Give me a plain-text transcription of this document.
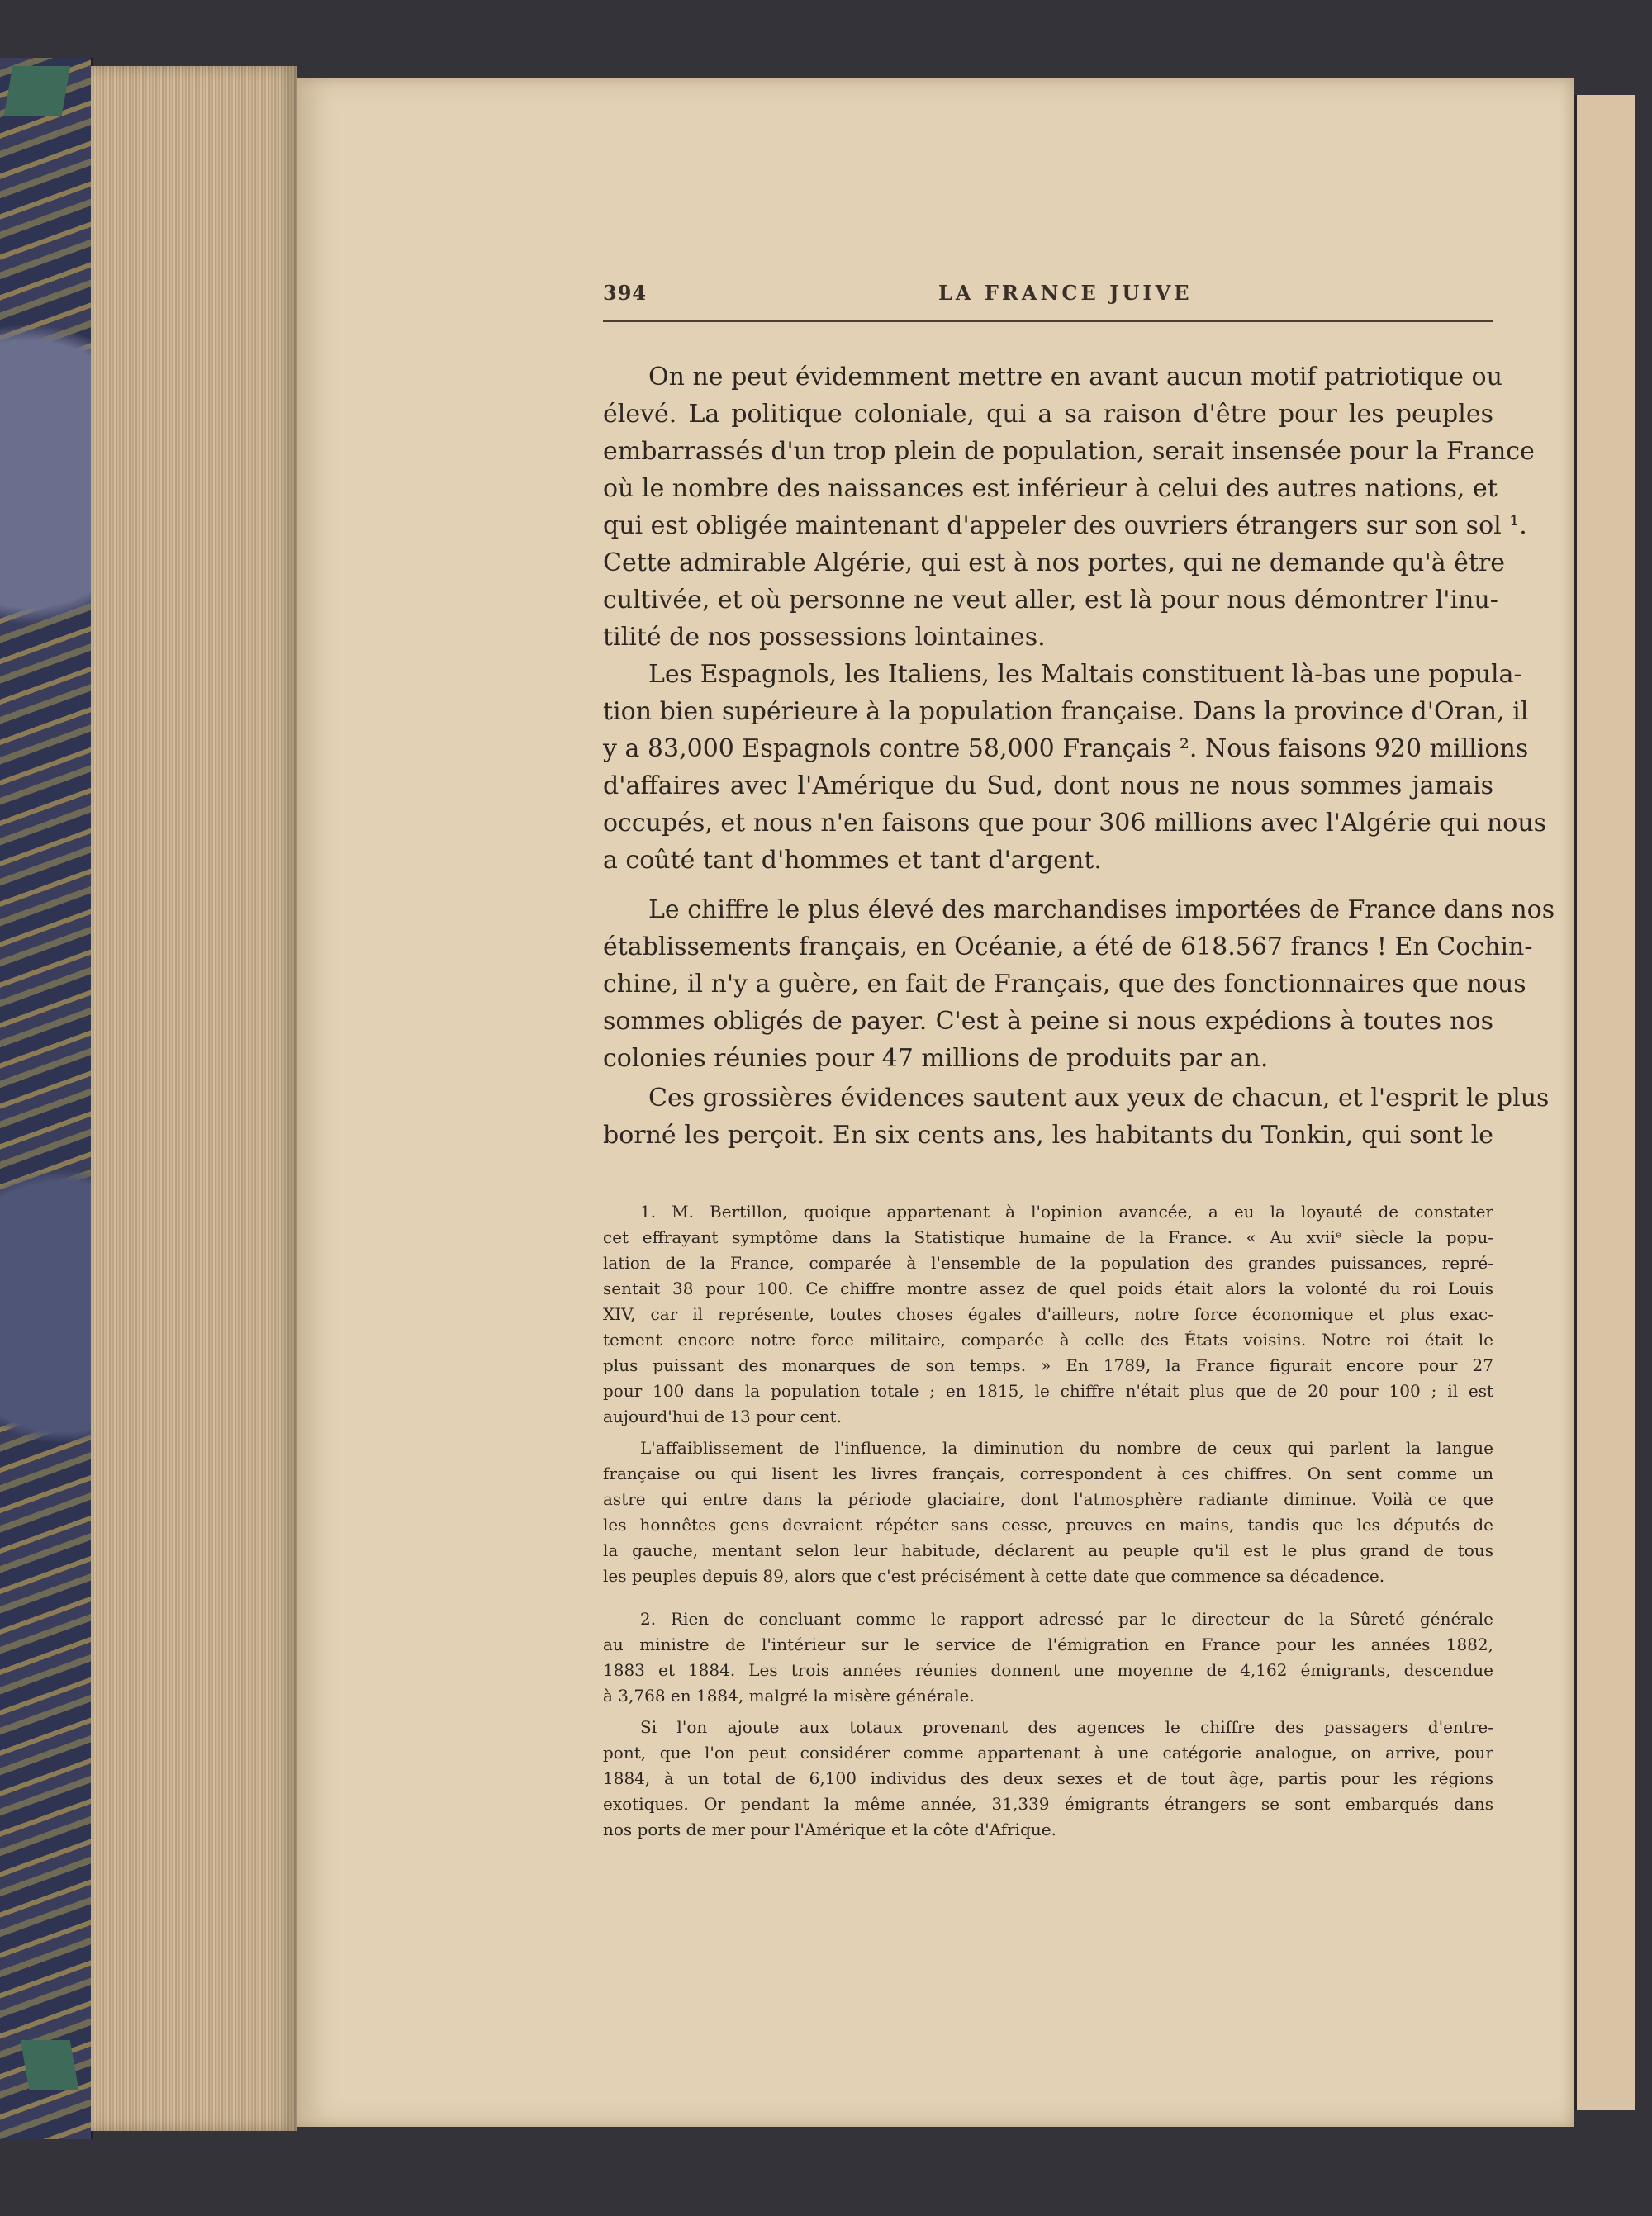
394	LA FRANCE JUIVE
On ne peut évidemment mettre en avant aucun motif patriotique ou
élevé. La politique coloniale, qui a sa raison d'être pour les peuples
embarrassés d'un trop plein de population, serait insensée pour la France
où le nombre des naissances est inférieur à celui des autres nations, et
qui est obligée maintenant d'appeler des ouvriers étrangers sur son sol ¹.
Cette admirable Algérie, qui est à nos portes, qui ne demande qu'à être
cultivée, et où personne ne veut aller, est là pour nous démontrer l'inu-
tilité de nos possessions lointaines.
Les Espagnols, les Italiens, les Maltais constituent là-bas une popula-
tion bien supérieure à la population française. Dans la province d'Oran, il
y a 83,000 Espagnols contre 58,000 Français ². Nous faisons 920 millions
d'affaires avec l'Amérique du Sud, dont nous ne nous sommes jamais
occupés, et nous n'en faisons que pour 306 millions avec l'Algérie qui nous
a coûté tant d'hommes et tant d'argent.
Le chiffre le plus élevé des marchandises importées de France dans nos
établissements français, en Océanie, a été de 618.567 francs ! En Cochin-
chine, il n'y a guère, en fait de Français, que des fonctionnaires que nous
sommes obligés de payer. C'est à peine si nous expédions à toutes nos
colonies réunies pour 47 millions de produits par an.
Ces grossières évidences sautent aux yeux de chacun, et l'esprit le plus
borné les perçoit. En six cents ans, les habitants du Tonkin, qui sont le
1. M. Bertillon, quoique appartenant à l'opinion avancée, a eu la loyauté de constater
cet effrayant symptôme dans la Statistique humaine de la France. « Au xviiᵉ siècle la popu-
lation de la France, comparée à l'ensemble de la population des grandes puissances, repré-
sentait 38 pour 100. Ce chiffre montre assez de quel poids était alors la volonté du roi Louis
XIV, car il représente, toutes choses égales d'ailleurs, notre force économique et plus exac-
tement encore notre force militaire, comparée à celle des États voisins. Notre roi était le
plus puissant des monarques de son temps. » En 1789, la France figurait encore pour 27
pour 100 dans la population totale ; en 1815, le chiffre n'était plus que de 20 pour 100 ; il est
aujourd'hui de 13 pour cent.
L'affaiblissement de l'influence, la diminution du nombre de ceux qui parlent la langue
française ou qui lisent les livres français, correspondent à ces chiffres. On sent comme un
astre qui entre dans la période glaciaire, dont l'atmosphère radiante diminue. Voilà ce que
les honnêtes gens devraient répéter sans cesse, preuves en mains, tandis que les députés de
la gauche, mentant selon leur habitude, déclarent au peuple qu'il est le plus grand de tous
les peuples depuis 89, alors que c'est précisément à cette date que commence sa décadence.
2. Rien de concluant comme le rapport adressé par le directeur de la Sûreté générale
au ministre de l'intérieur sur le service de l'émigration en France pour les années 1882,
1883 et 1884. Les trois années réunies donnent une moyenne de 4,162 émigrants, descendue
à 3,768 en 1884, malgré la misère générale.
Si l'on ajoute aux totaux provenant des agences le chiffre des passagers d'entre-
pont, que l'on peut considérer comme appartenant à une catégorie analogue, on arrive, pour
1884, à un total de 6,100 individus des deux sexes et de tout âge, partis pour les régions
exotiques. Or pendant la même année, 31,339 émigrants étrangers se sont embarqués dans
nos ports de mer pour l'Amérique et la côte d'Afrique.
